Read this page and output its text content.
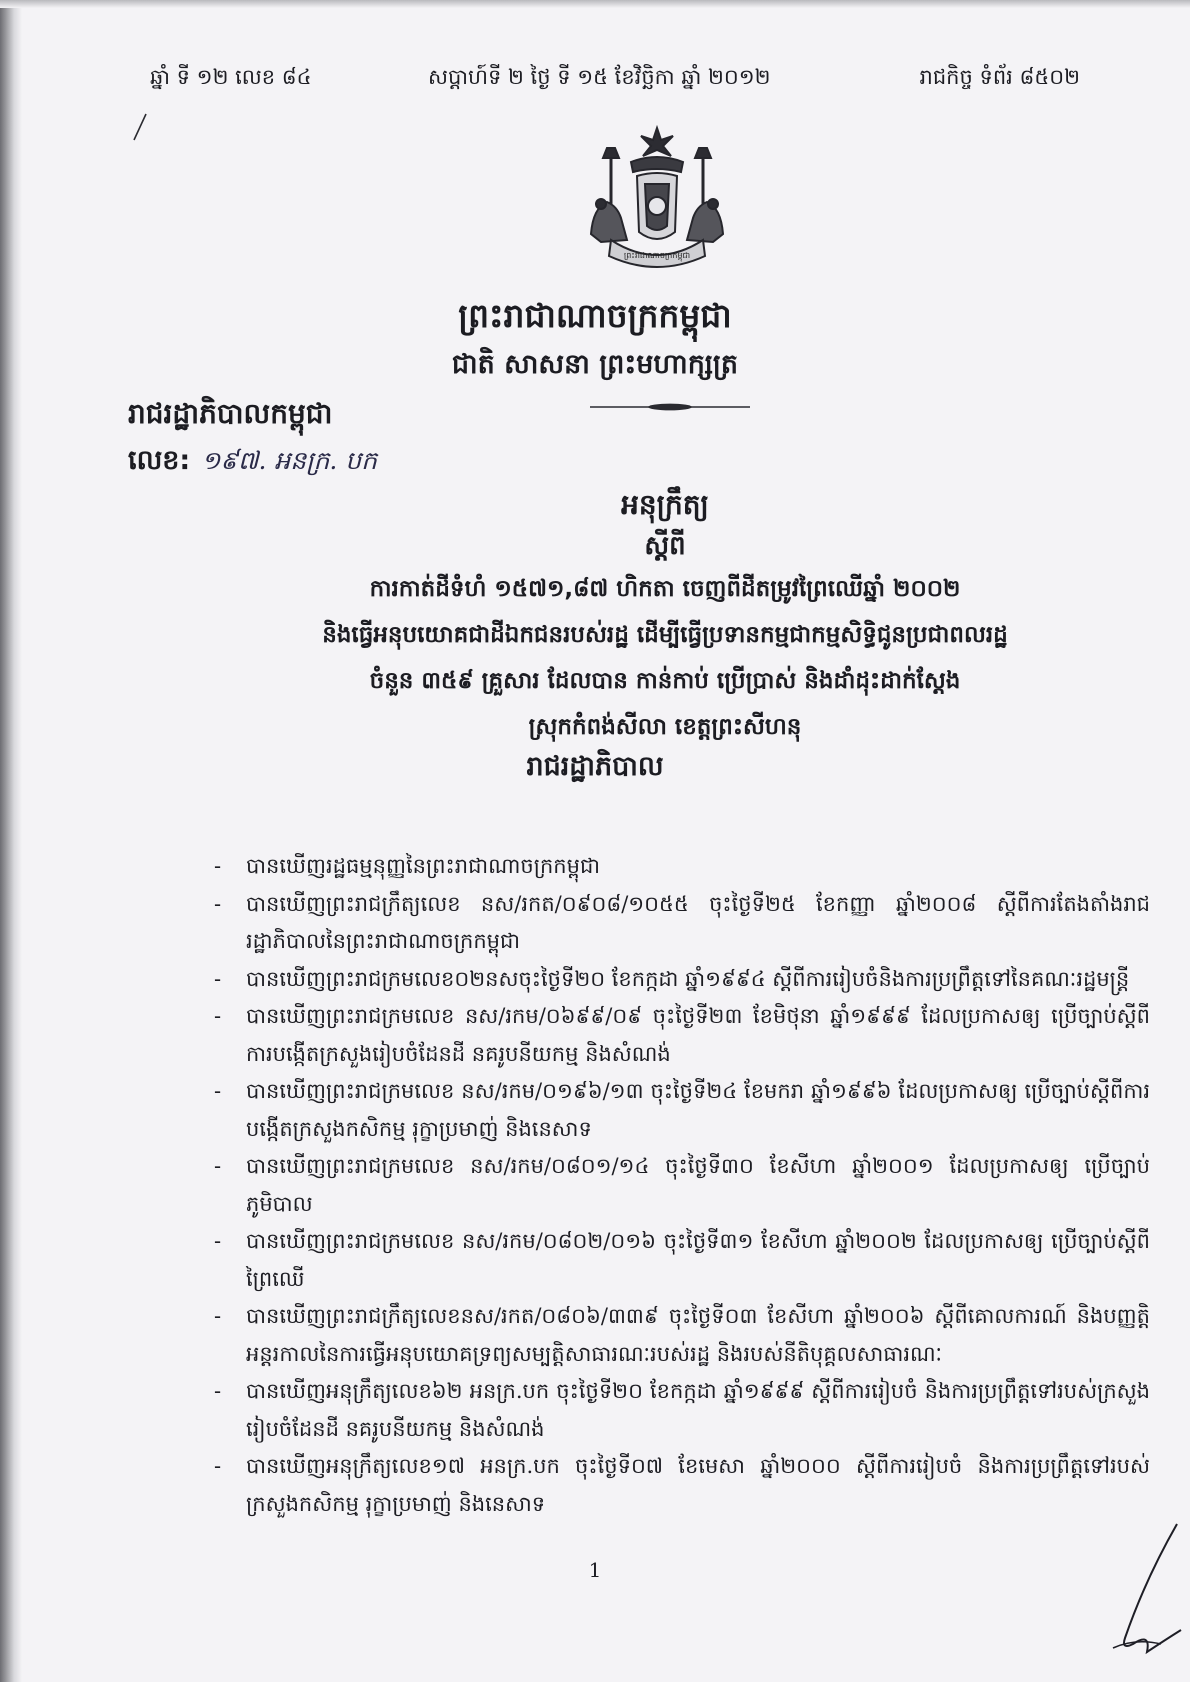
ឆ្នាំ ទី ១២ លេខ ៨៤	សប្ដាហ៍ទី ២ ថ្ងៃ ទី ១៥ ខែវិច្ឆិកា ឆ្នាំ ២០១២	រាជកិច្ច ទំព័រ ៨៥០២
ព្រះរាជាណាចក្រកម្ពុជា
ព្រះរាជាណាចក្រកម្ពុជា
ជាតិ សាសនា ព្រះមហាក្សត្រ
រាជរដ្ឋាភិបាលកម្ពុជា
លេខ: ១៩៧. អនក្រ. បក
អនុក្រឹត្យ
ស្ដីពី
ការកាត់ដីទំហំ ១៥៧១,៨៧ ហិកតា ចេញពីដីតម្រូវព្រៃឈើឆ្នាំ ២០០២
និងធ្វើអនុបយោគជាដីឯកជនរបស់រដ្ឋ ដើម្បីធ្វើប្រទានកម្មជាកម្មសិទ្ធិជូនប្រជាពលរដ្ឋ
ចំនួន ៣៥៩ គ្រួសារ ដែលបាន កាន់កាប់ ប្រើប្រាស់ និងដាំដុះដាក់ស្តែង
ស្រុកកំពង់សីលា ខេត្តព្រះសីហនុ
រាជរដ្ឋាភិបាល
- បានឃើញរដ្ឋធម្មនុញ្ញនៃព្រះរាជាណាចក្រកម្ពុជា
- បានឃើញព្រះរាជក្រឹត្យលេខ នស/រកត/០៩០៨/១០៥៥ ចុះថ្ងៃទី២៥ ខែកញ្ញា ឆ្នាំ២០០៨ ស្ដីពីការតែងតាំងរាជរដ្ឋាភិបាលនៃព្រះរាជាណាចក្រកម្ពុជា
- បានឃើញព្រះរាជក្រមលេខ០២នសចុះថ្ងៃទី២០ ខែកក្កដា ឆ្នាំ១៩៩៤ ស្ដីពីការរៀបចំនិងការប្រព្រឹត្តទៅនៃគណៈរដ្ឋមន្ត្រី
- បានឃើញព្រះរាជក្រមលេខ នស/រកម/០៦៩៩/០៩ ចុះថ្ងៃទី២៣ ខែមិថុនា ឆ្នាំ១៩៩៩ ដែលប្រកាសឲ្យ ប្រើច្បាប់ស្ដីពីការបង្កើតក្រសួងរៀបចំដែនដី នគរូបនីយកម្ម និងសំណង់
- បានឃើញព្រះរាជក្រមលេខ នស/រកម/០១៩៦/១៣ ចុះថ្ងៃទី២៤ ខែមករា ឆ្នាំ១៩៩៦ ដែលប្រកាសឲ្យ ប្រើច្បាប់ស្ដីពីការបង្កើតក្រសួងកសិកម្ម រុក្ខាប្រមាញ់ និងនេសាទ
- បានឃើញព្រះរាជក្រមលេខ នស/រកម/០៨០១/១៤ ចុះថ្ងៃទី៣០ ខែសីហា ឆ្នាំ២០០១ ដែលប្រកាសឲ្យ ប្រើច្បាប់ភូមិបាល
- បានឃើញព្រះរាជក្រមលេខ នស/រកម/០៨០២/០១៦ ចុះថ្ងៃទី៣១ ខែសីហា ឆ្នាំ២០០២ ដែលប្រកាសឲ្យ ប្រើច្បាប់ស្ដីពីព្រៃឈើ
- បានឃើញព្រះរាជក្រឹត្យលេខនស/រកត/០៨០៦/៣៣៩ ចុះថ្ងៃទី០៣ ខែសីហា ឆ្នាំ២០០៦ ស្ដីពីគោលការណ៍ និងបញ្ញត្តិអន្តរកាលនៃការធ្វើអនុបយោគទ្រព្យសម្បត្តិសាធារណៈរបស់រដ្ឋ និងរបស់នីតិបុគ្គលសាធារណៈ
- បានឃើញអនុក្រឹត្យលេខ៦២ អនក្រ.បក ចុះថ្ងៃទី២០ ខែកក្កដា ឆ្នាំ១៩៩៩ ស្ដីពីការរៀបចំ និងការប្រព្រឹត្តទៅរបស់ក្រសួងរៀបចំដែនដី នគរូបនីយកម្ម និងសំណង់
- បានឃើញអនុក្រឹត្យលេខ១៧ អនក្រ.បក ចុះថ្ងៃទី០៧ ខែមេសា ឆ្នាំ២០០០ ស្ដីពីការរៀបចំ និងការប្រព្រឹត្តទៅរបស់ក្រសួងកសិកម្ម រុក្ខាប្រមាញ់ និងនេសាទ
1
